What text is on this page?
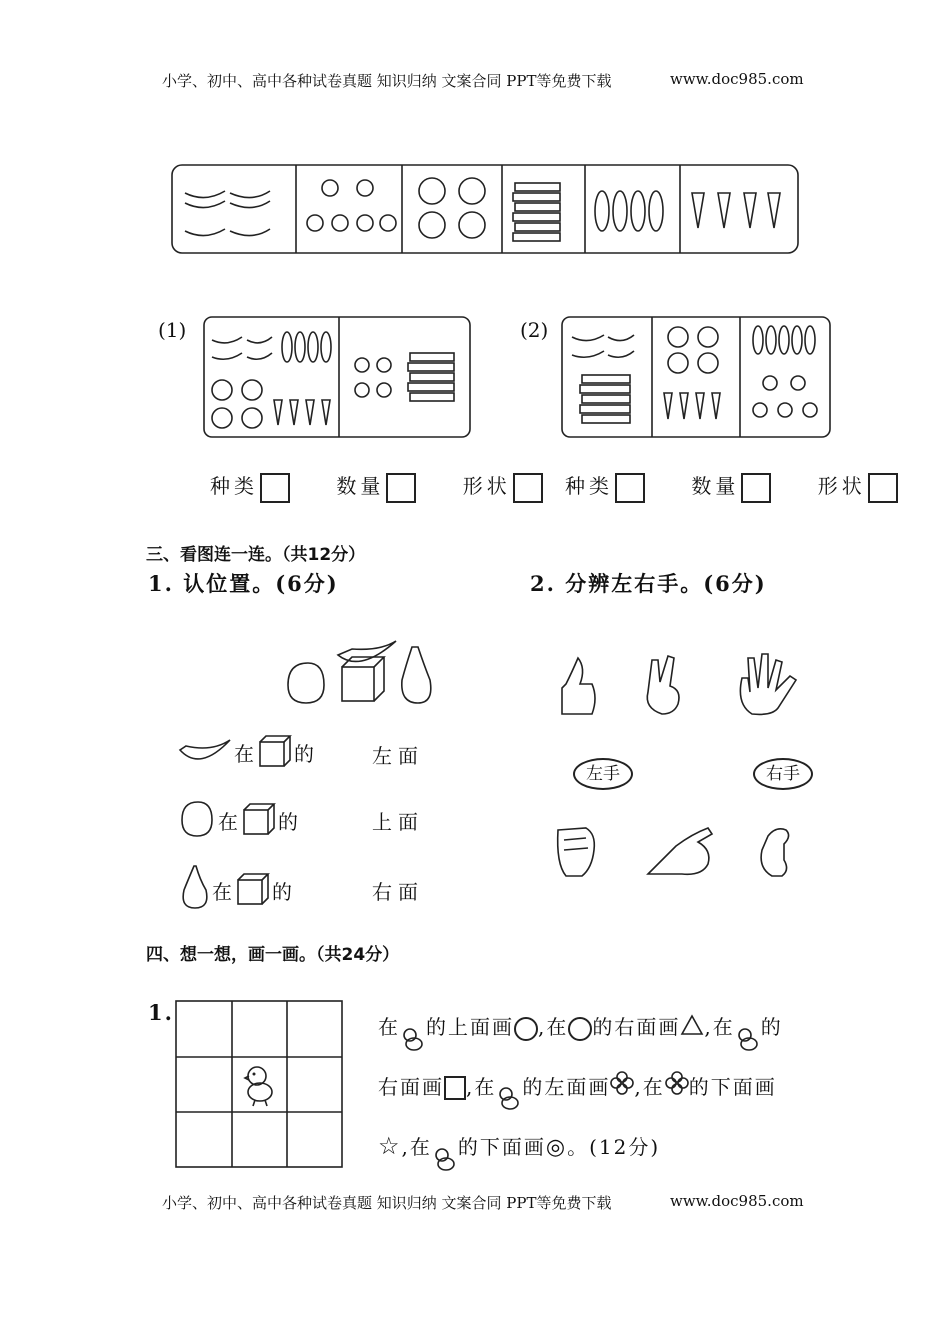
小学、初中、高中各种试卷真题 知识归纳 文案合同 PPT等免费下载	www.doc985.com
(1)
种类	数量	形状
(2)
种类	数量	形状
三、看图连一连。（共12分）
1. 认位置。(6分)	2. 分辨左右手。(6分)
在 的
在 的
在 的
左面
上面
右面
左手	右手
四、想一想，画一画。（共24分）
1.
在 的上面画 ,在 的右面画 ,在 的
右面画 ,在 的左面画 ,在 的下面画
☆,在 的下面画◎。(12分)
小学、初中、高中各种试卷真题 知识归纳 文案合同 PPT等免费下载	www.doc985.com
